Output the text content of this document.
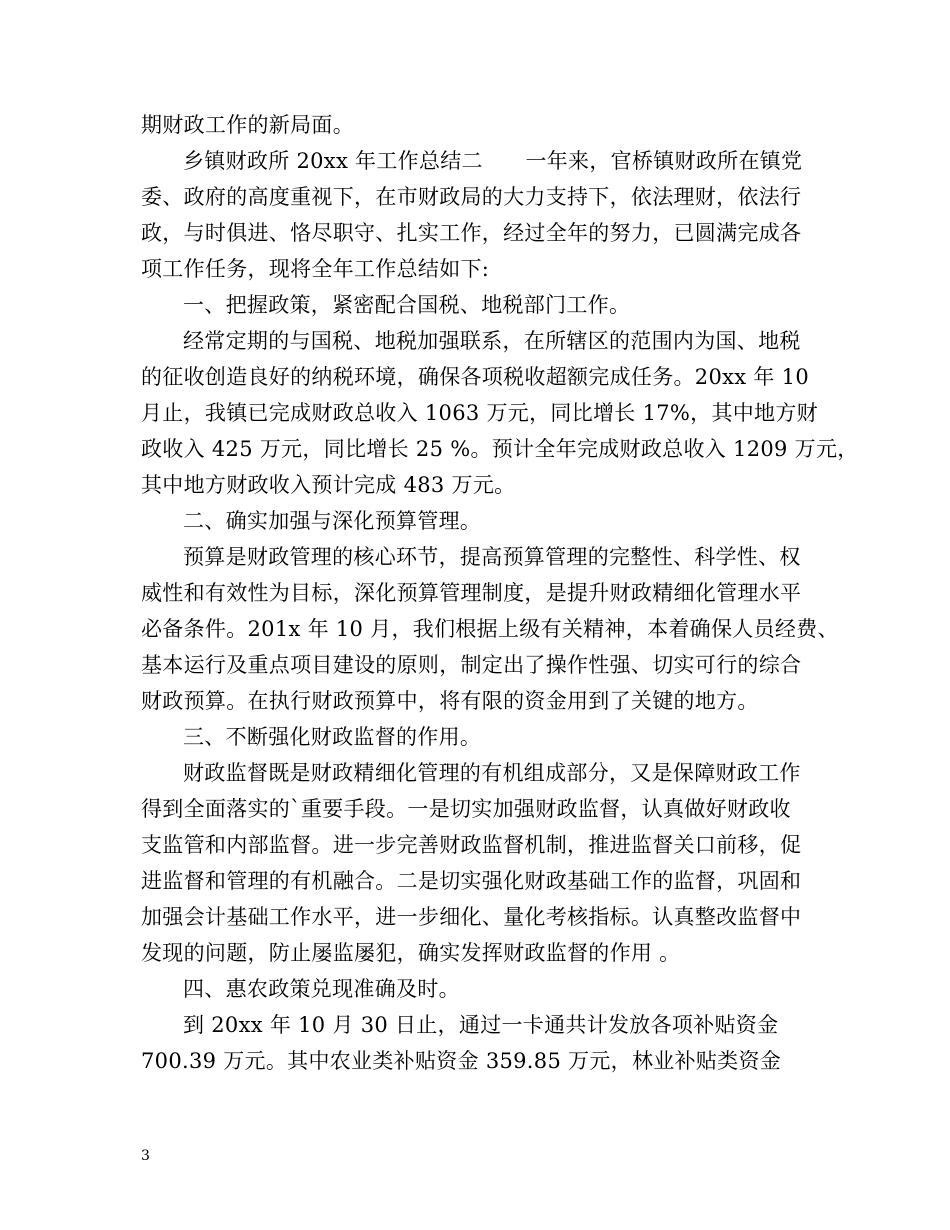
期财政工作的新局面。
乡镇财政所 20xx 年工作总结二　　一年来，官桥镇财政所在镇党
委、政府的高度重视下，在市财政局的大力支持下，依法理财，依法行
政，与时俱进、恪尽职守、扎实工作，经过全年的努力，已圆满完成各
项工作任务，现将全年工作总结如下:
一、把握政策，紧密配合国税、地税部门工作。
经常定期的与国税、地税加强联系，在所辖区的范围内为国、地税
的征收创造良好的纳税环境，确保各项税收超额完成任务。20xx 年 10
月止，我镇已完成财政总收入 1063 万元，同比增长 17%，其中地方财
政收入 425 万元，同比增长 25 %。预计全年完成财政总收入 1209 万元，
其中地方财政收入预计完成 483 万元。
二、确实加强与深化预算管理。
预算是财政管理的核心环节，提高预算管理的完整性、科学性、权
威性和有效性为目标，深化预算管理制度，是提升财政精细化管理水平
必备条件。201x 年 10 月，我们根据上级有关精神，本着确保人员经费、
基本运行及重点项目建设的原则，制定出了操作性强、切实可行的综合
财政预算。在执行财政预算中，将有限的资金用到了关键的地方。
三、不断强化财政监督的作用。
财政监督既是财政精细化管理的有机组成部分，又是保障财政工作
得到全面落实的`重要手段。一是切实加强财政监督，认真做好财政收
支监管和内部监督。进一步完善财政监督机制，推进监督关口前移，促
进监督和管理的有机融合。二是切实强化财政基础工作的监督，巩固和
加强会计基础工作水平，进一步细化、量化考核指标。认真整改监督中
发现的问题，防止屡监屡犯，确实发挥财政监督的作用 。
四、惠农政策兑现准确及时。
到 20xx 年 10 月 30 日止，通过一卡通共计发放各项补贴资金
700.39 万元。其中农业类补贴资金 359.85 万元，林业补贴类资金
3
